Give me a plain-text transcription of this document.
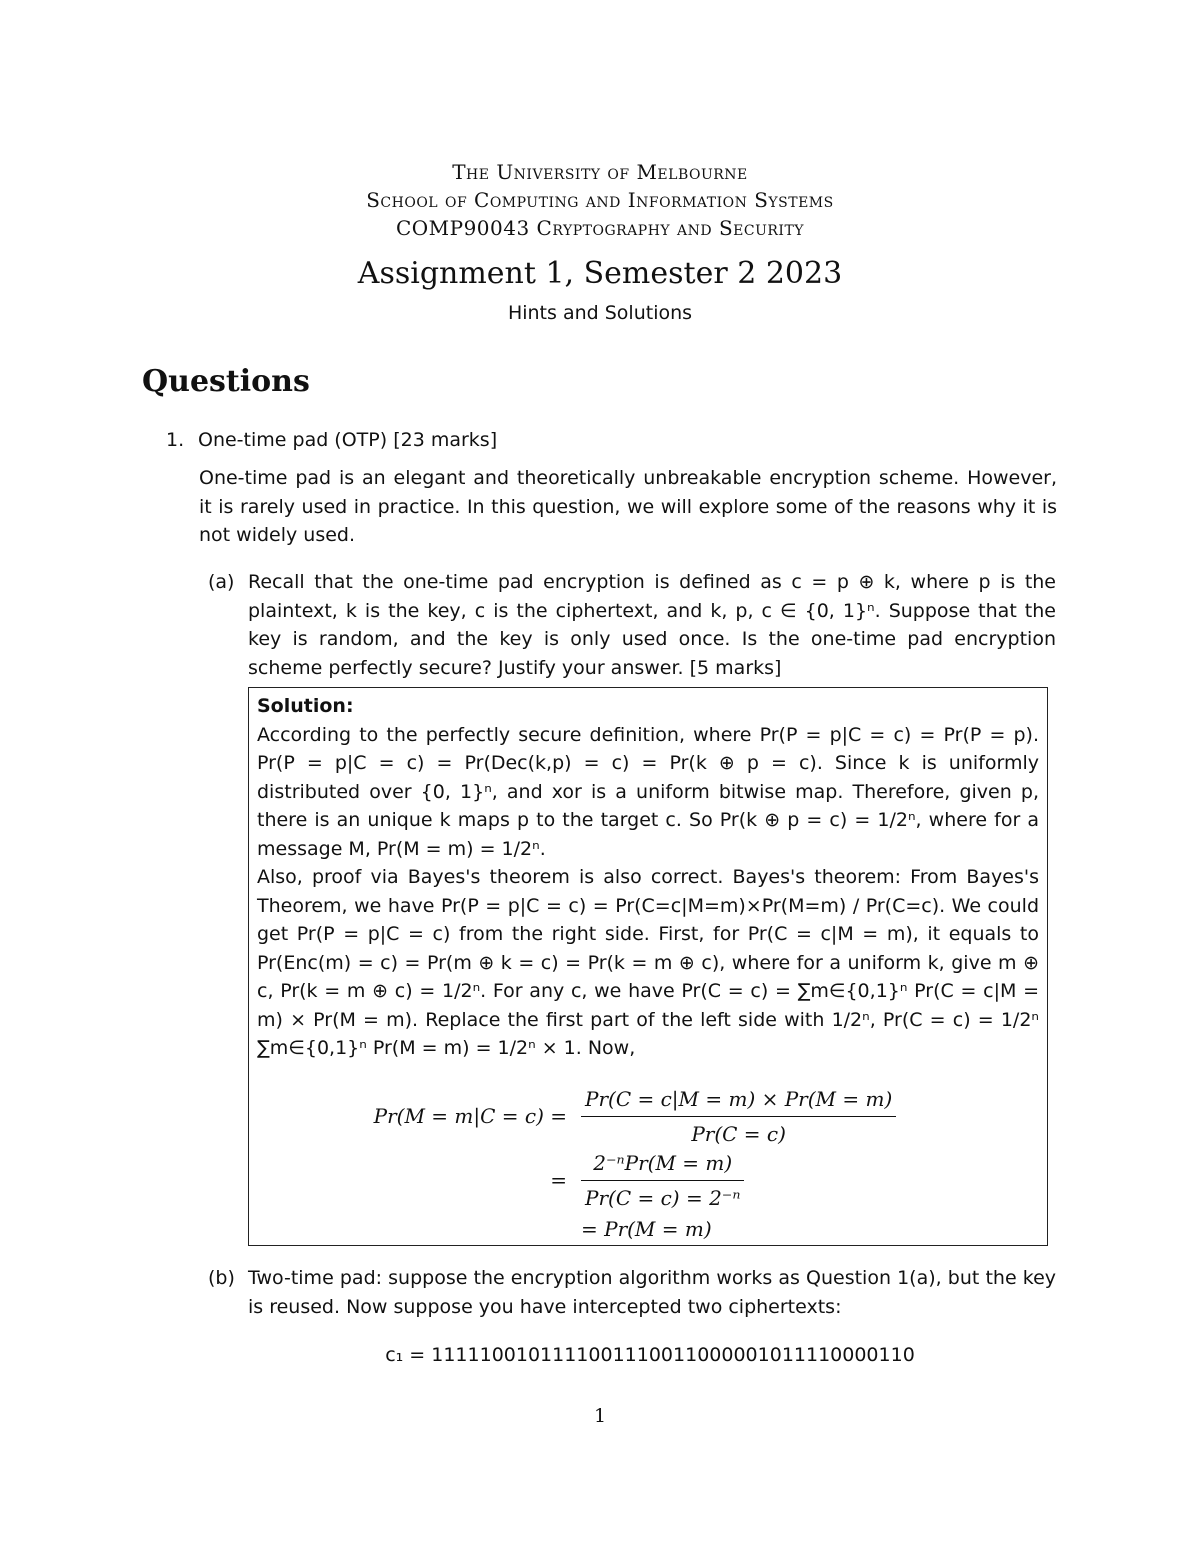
The University of Melbourne

School of Computing and Information Systems

COMP90043 Cryptography and Security

Assignment 1, Semester 2 2023
Hints and Solutions
Questions
1. One-time pad (OTP) [23 marks]

One-time pad is an elegant and theoretically unbreakable encryption scheme. However, it is rarely used in practice. In this question, we will explore some of the reasons why it is not widely used.

(a) Recall that the one-time pad encryption is defined as c = p ⊕ k, where p is the plaintext, k is the key, c is the ciphertext, and k, p, c ∈ {0, 1}ⁿ. Suppose that the key is random, and the key is only used once. Is the one-time pad encryption scheme perfectly secure? Justify your answer. [5 marks]
Solution:

According to the perfectly secure definition, where Pr(P = p|C = c) = Pr(P = p). Pr(P = p|C = c) = Pr(Dec(k,p) = c) = Pr(k ⊕ p = c). Since k is uniformly distributed over {0, 1}ⁿ, and xor is a uniform bitwise map. Therefore, given p, there is an unique k maps p to the target c. So Pr(k ⊕ p = c) = 1/2ⁿ, where for a message M, Pr(M = m) = 1/2ⁿ.

Also, proof via Bayes's theorem is also correct. Bayes's theorem: From Bayes's Theorem, we have Pr(P = p|C = c) = Pr(C=c|M=m)×Pr(M=m) / Pr(C=c). We could get Pr(P = p|C = c) from the right side. First, for Pr(C = c|M = m), it equals to Pr(Enc(m) = c) = Pr(m ⊕ k = c) = Pr(k = m ⊕ c), where for a uniform k, give m ⊕ c, Pr(k = m ⊕ c) = 1/2ⁿ. For any c, we have Pr(C = c) = ∑m∈{0,1}ⁿ Pr(C = c|M = m) × Pr(M = m). Replace the first part of the left side with 1/2ⁿ, Pr(C = c) = 1/2ⁿ ∑m∈{0,1}ⁿ Pr(M = m) = 1/2ⁿ × 1. Now,

$Pr(M = m|C = c) = \frac{Pr(C = c|M = m) \times Pr(M = m)}{Pr(C = c)}$
=
2⁻ⁿPr(M = m)
Pr(C = c) = 2⁻ⁿ
= Pr(M = m)
(b) Two-time pad: suppose the encryption algorithm works as Question 1(a), but the key is reused. Now suppose you have intercepted two ciphertexts:
c₁ = 1111100101111001110011000001011110000110
1
